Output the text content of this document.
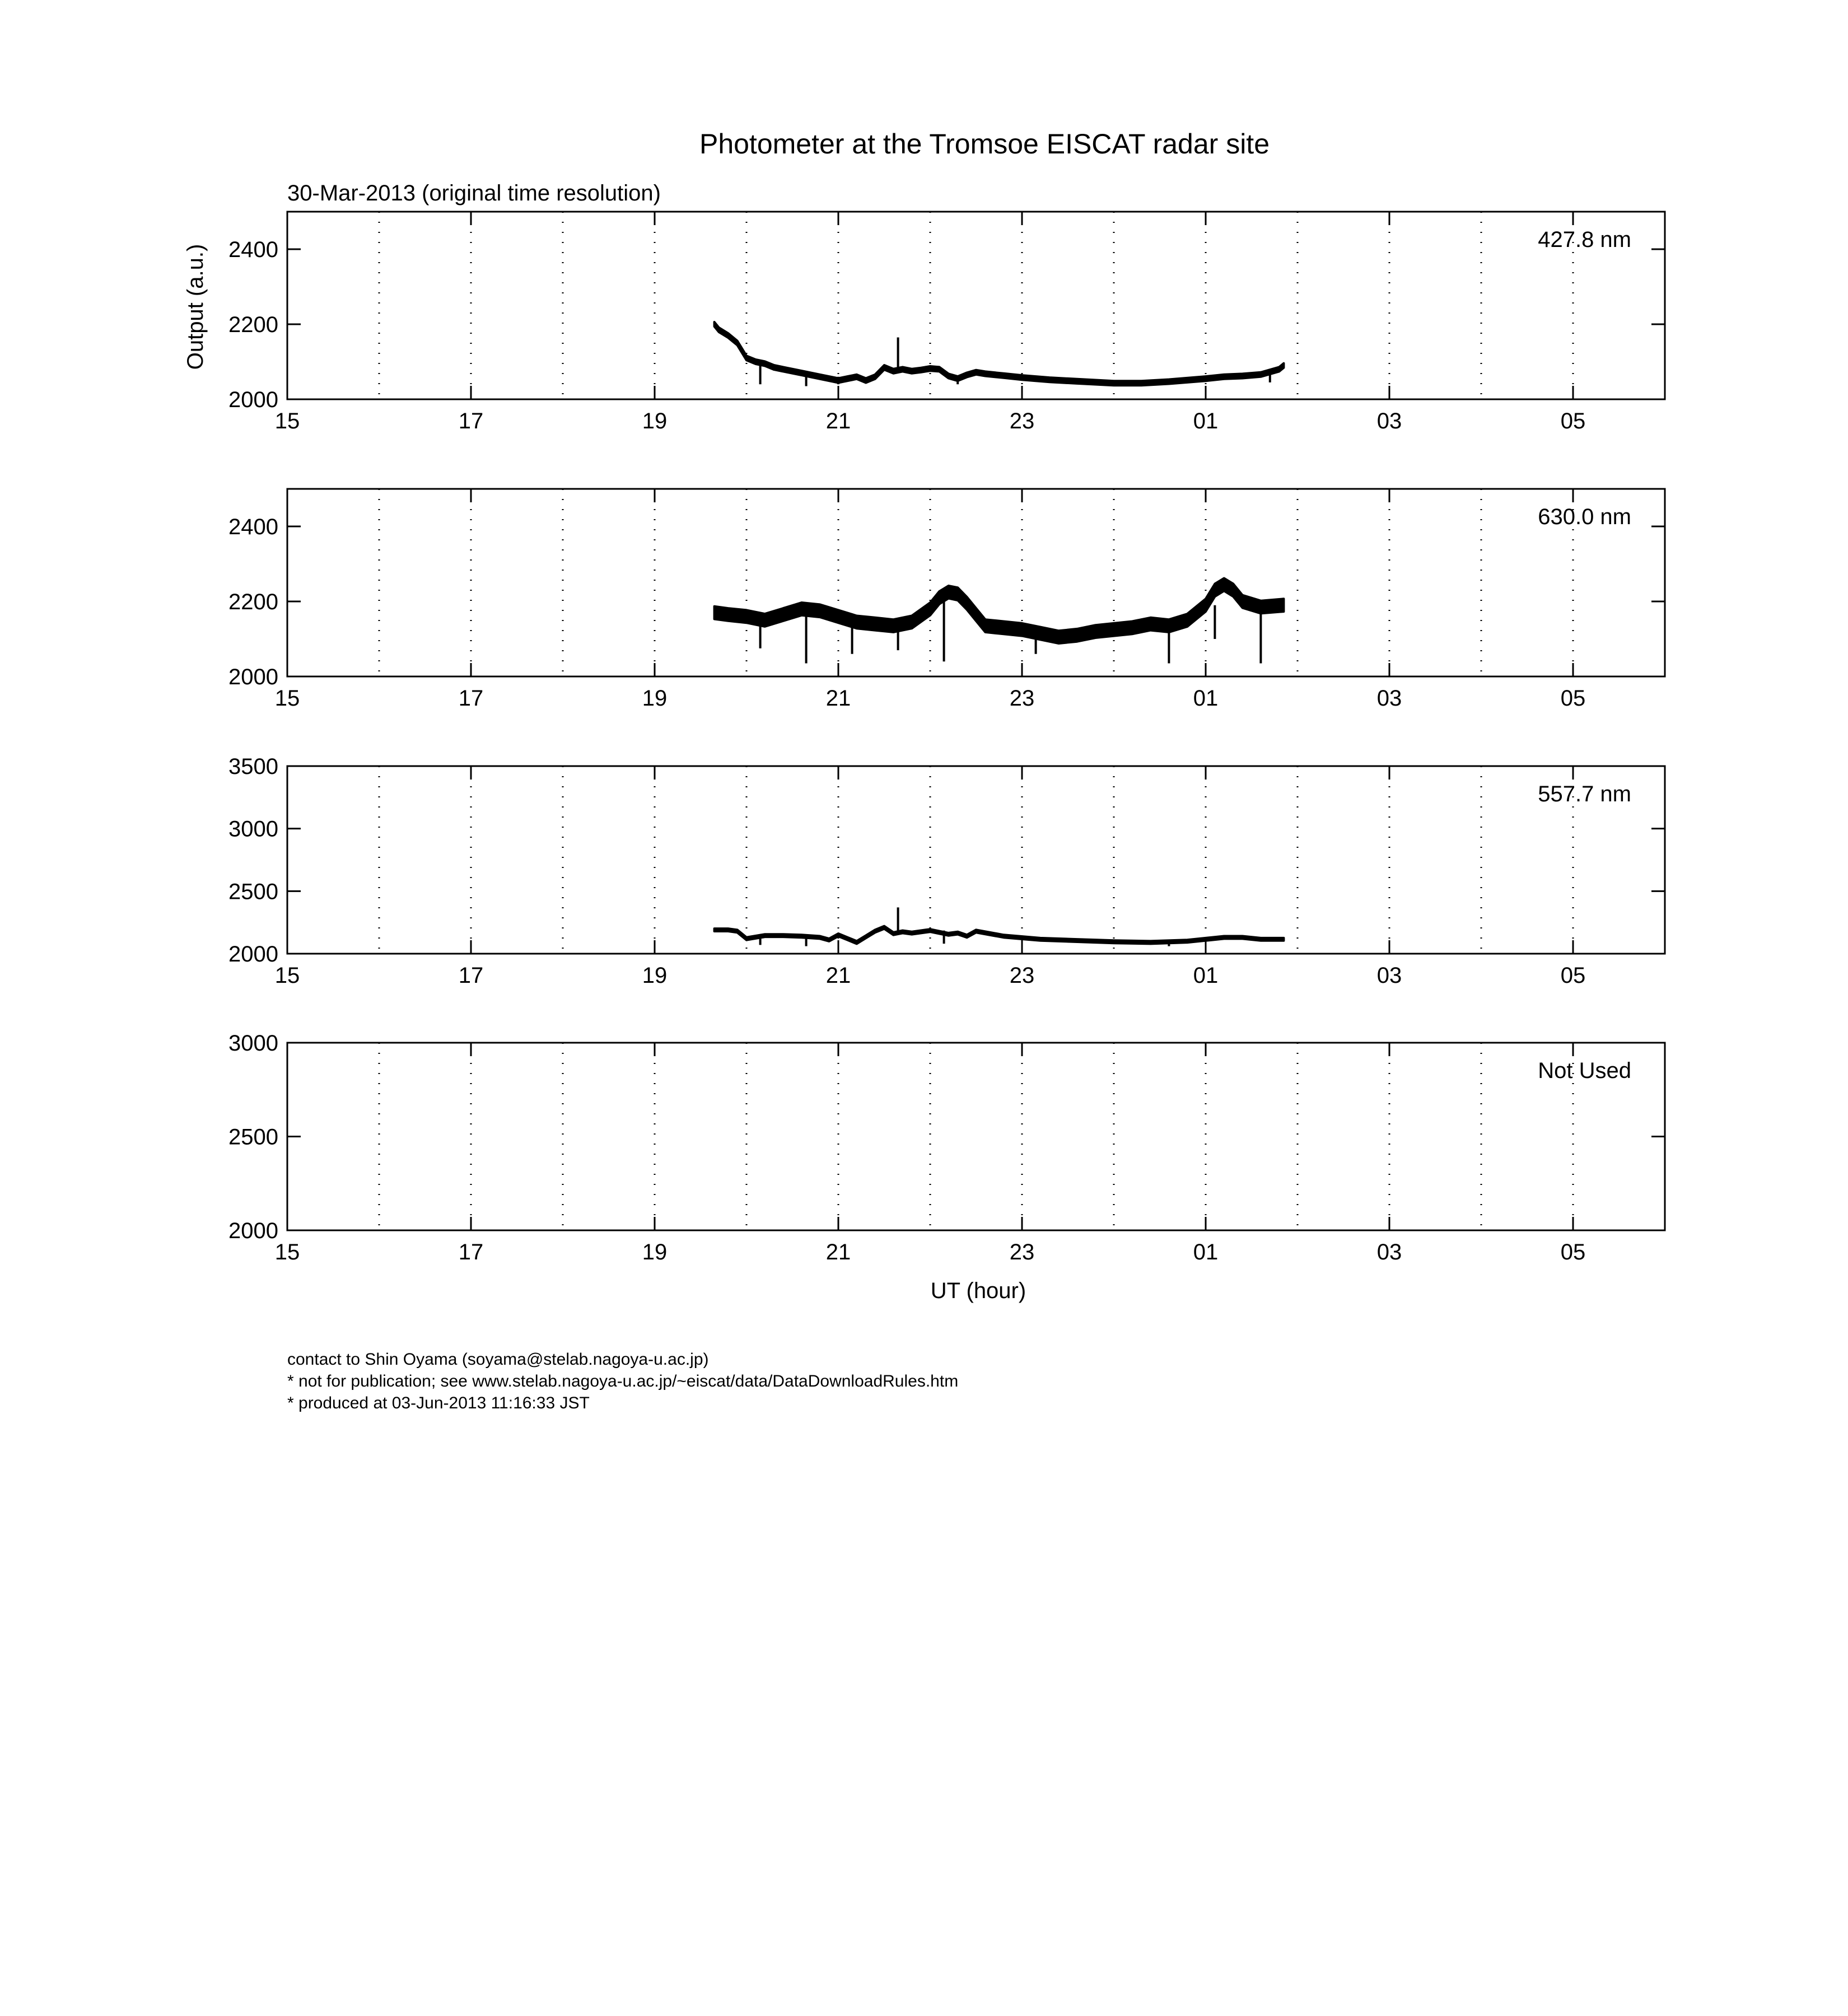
Photometer at the Tromsoe EISCAT radar site
30-Mar-2013 (original time resolution)
Output (a.u.)
UT (hour)
15	17	19	21	23	01	03	05
2000
2200
2400	427.8 nm
15	17	19	21	23	01	03	05
2000
2200
2400	630.0 nm
15	17	19	21	23	01	03	05
2000
2500
3000
3500
557.7 nm
15	17	19	21	23	01	03	05
2000
2500
3000
Not Used
contact to Shin Oyama (soyama@stelab.nagoya-u.ac.jp)
* not for publication; see www.stelab.nagoya-u.ac.jp/~eiscat/data/DataDownloadRules.htm
* produced at 03-Jun-2013 11:16:33 JST
